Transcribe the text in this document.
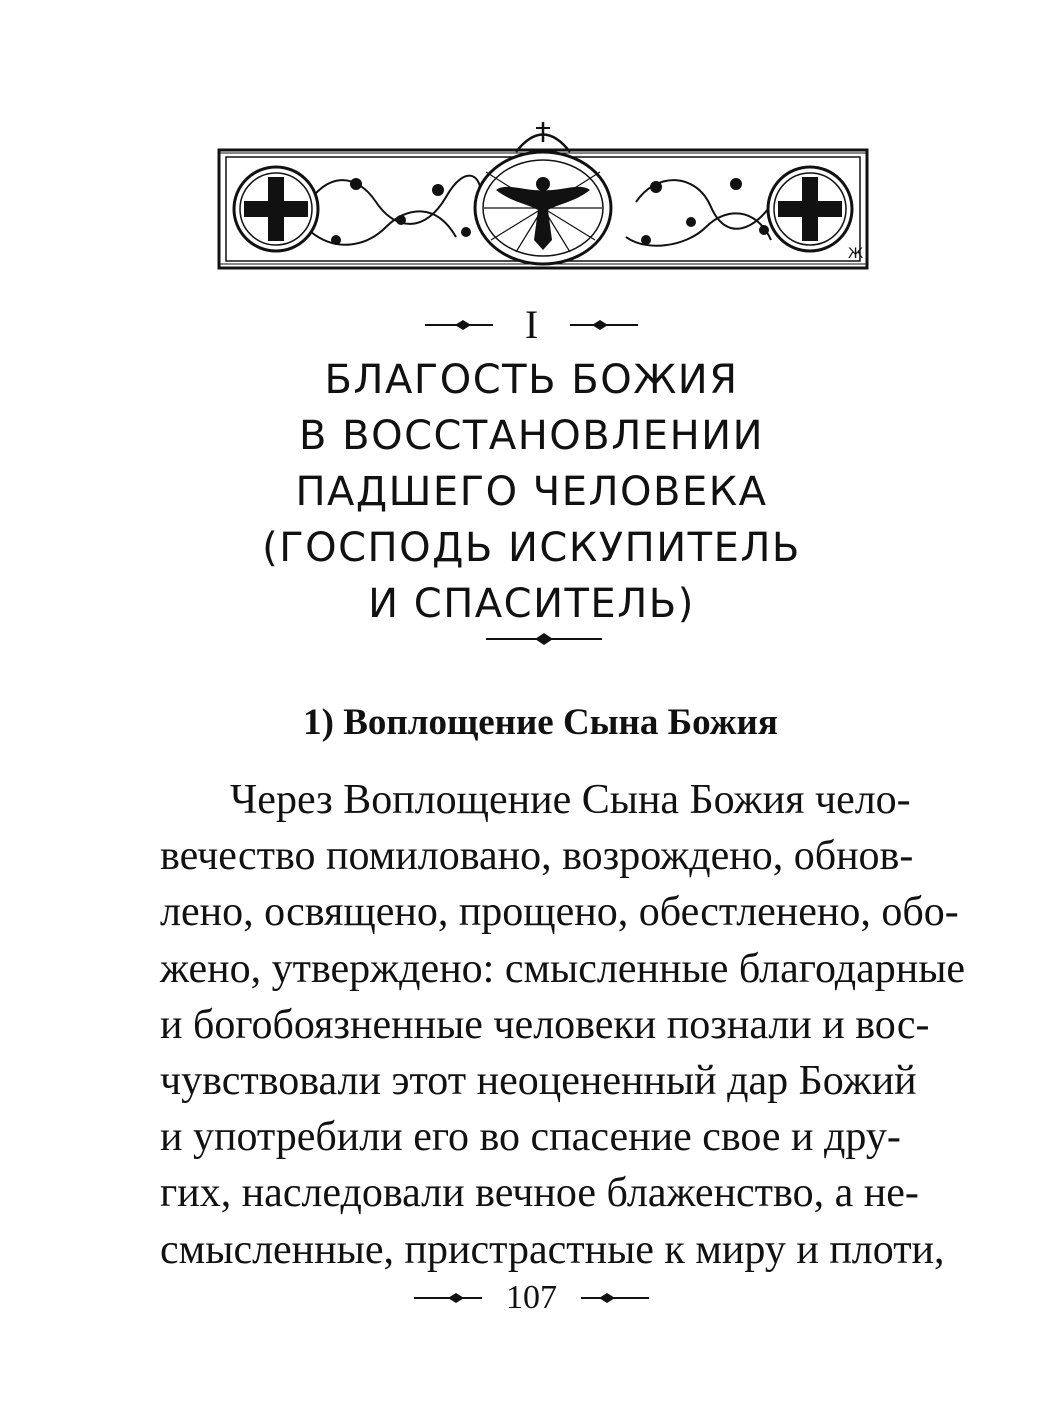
Ж
I
БЛАГОСТЬ БОЖИЯ
В ВОССТАНОВЛЕНИИ
ПАДШЕГО ЧЕЛОВЕКА
(ГОСПОДЬ ИСКУПИТЕЛЬ
И СПАСИТЕЛЬ)
1) Воплощение Сына Божия
Через Воплощение Сына Божия чело-
вечество помиловано, возрождено, обнов-
лено, освящено, прощено, обестленено, обо-
жено, утверждено: смысленные благодарные
и богобоязненные человеки познали и вос-
чувствовали этот неоцененный дар Божий
и употребили его во спасение свое и дру-
гих, наследовали вечное блаженство, а не-
смысленные, пристрастные к миру и плоти,
107
